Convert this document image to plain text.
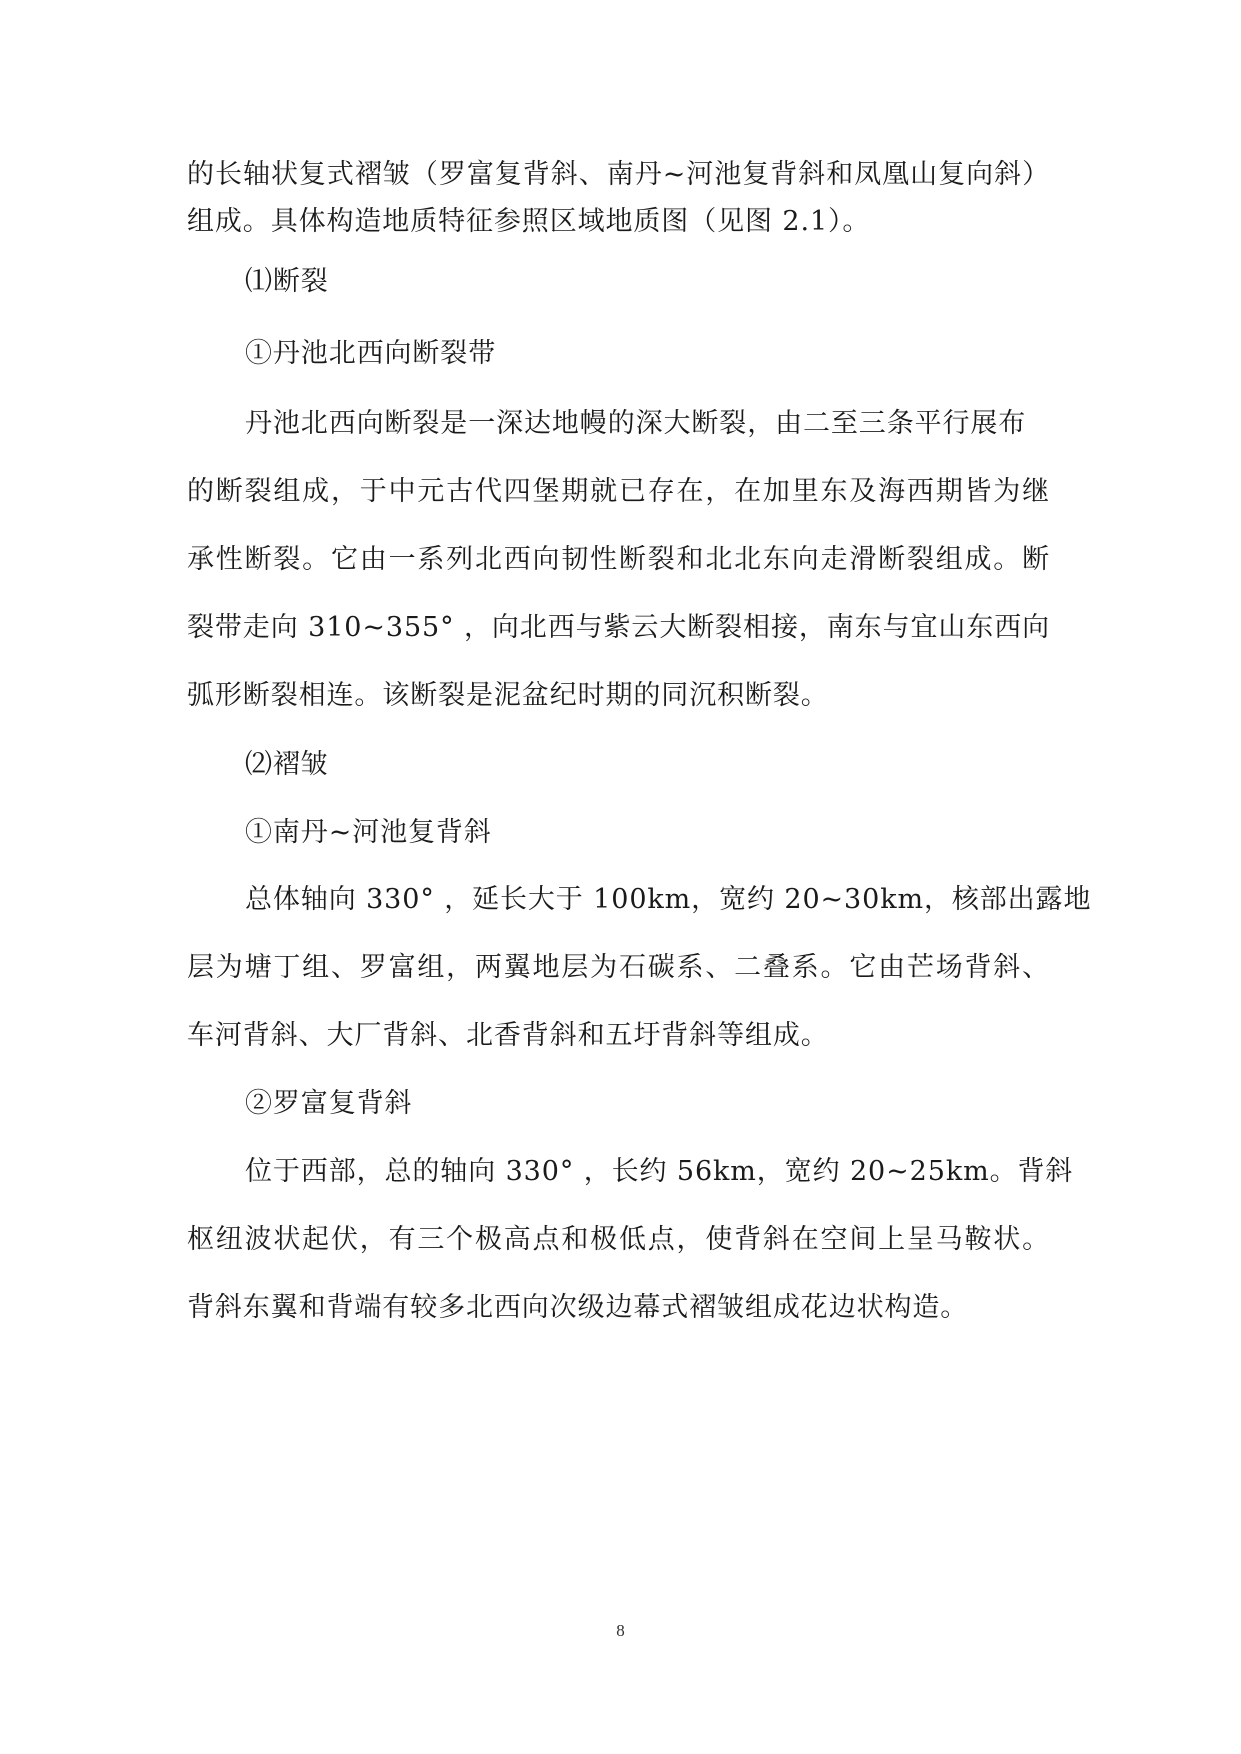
的长轴状复式褶皱（罗富复背斜、南丹~河池复背斜和凤凰山复向斜）

组成。具体构造地质特征参照区域地质图（见图 2.1）。

⑴断裂

①丹池北西向断裂带

丹池北西向断裂是一深达地幔的深大断裂，由二至三条平行展布

的断裂组成，于中元古代四堡期就已存在，在加里东及海西期皆为继

承性断裂。它由一系列北西向韧性断裂和北北东向走滑断裂组成。断

裂带走向 310~355° ，向北西与紫云大断裂相接，南东与宜山东西向

弧形断裂相连。该断裂是泥盆纪时期的同沉积断裂。

⑵褶皱

①南丹~河池复背斜

总体轴向 330° ，延长大于 100km，宽约 20~30km，核部出露地

层为塘丁组、罗富组，两翼地层为石碳系、二叠系。它由芒场背斜、

车河背斜、大厂背斜、北香背斜和五圩背斜等组成。

②罗富复背斜

位于西部，总的轴向 330° ，长约 56km，宽约 20~25km。背斜

枢纽波状起伏，有三个极高点和极低点，使背斜在空间上呈马鞍状。

背斜东翼和背端有较多北西向次级边幕式褶皱组成花边状构造。

8
